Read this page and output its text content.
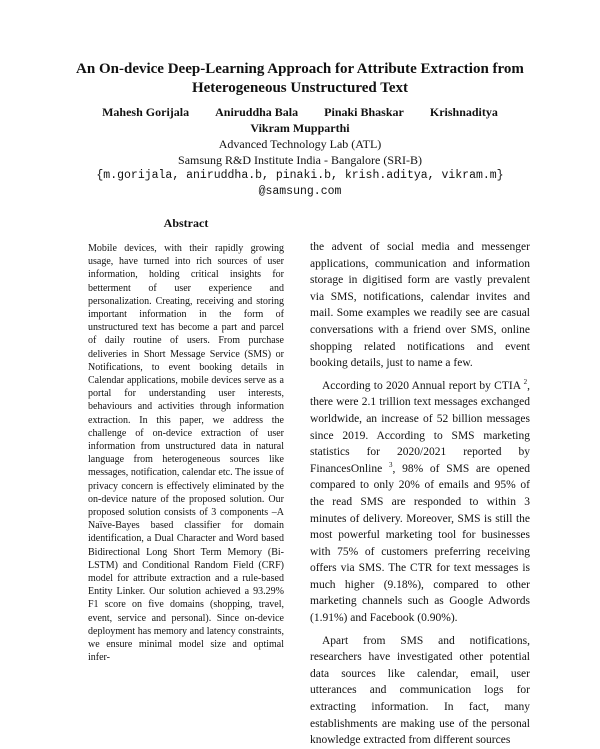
An On-device Deep-Learning Approach for Attribute Extraction from
Heterogeneous Unstructured Text
Mahesh Gorijala Aniruddha Bala Pinaki Bhaskar Krishnaditya
Vikram Mupparthi
Advanced Technology Lab (ATL)
Samsung R&D Institute India - Bangalore (SRI-B)
{m.gorijala, aniruddha.b, pinaki.b, krish.aditya, vikram.m}
@samsung.com
Abstract

Mobile devices, with their rapidly growing usage, have turned into rich sources of user information, holding critical insights for betterment of user experience and personalization. Creating, receiving and storing important information in the form of unstructured text has become a part and parcel of daily routine of users. From purchase deliveries in Short Message Service (SMS) or Notifications, to event booking details in Calendar applications, mobile devices serve as a portal for understanding user interests, behaviours and activities through information extraction. In this paper, we address the challenge of on-device extraction of user information from unstructured data in natural language from heterogeneous sources like messages, notification, calendar etc. The issue of privacy concern is effectively eliminated by the on-device nature of the proposed solution. Our proposed solution consists of 3 components –A Naïve-Bayes based classifier for domain identification, a Dual Character and Word based Bidirectional Long Short Term Memory (Bi-LSTM) and Conditional Random Field (CRF) model for attribute extraction and a rule-based Entity Linker. Our solution achieved a 93.29% F1 score on five domains (shopping, travel, event, service and personal). Since on-device deployment has memory and latency constraints, we ensure minimal model size and optimal infer-

the advent of social media and messenger applications, communication and information storage in digitised form are vastly prevalent via SMS, notifications, calendar invites and mail. Some examples we readily see are casual conversations with a friend over SMS, online shopping related notifications and event booking details, just to name a few.

According to 2020 Annual report by CTIA $^2$, there were 2.1 trillion text messages exchanged worldwide, an increase of 52 billion messages since 2019. According to SMS marketing statistics for 2020/2021 reported by FinancesOnline $^3$, 98% of SMS are opened compared to only 20% of emails and 95% of the read SMS are responded to within 3 minutes of delivery. Moreover, SMS is still the most powerful marketing tool for businesses with 75% of customers preferring receiving offers via SMS. The CTR for text messages is much higher (9.18%), compared to other marketing channels such as Google Adwords (1.91%) and Facebook (0.90%).

Apart from SMS and notifications, researchers have investigated other potential data sources like calendar, email, user utterances and communication logs for extracting information. In fact, many establishments are making use of the personal knowledge extracted from different sources
